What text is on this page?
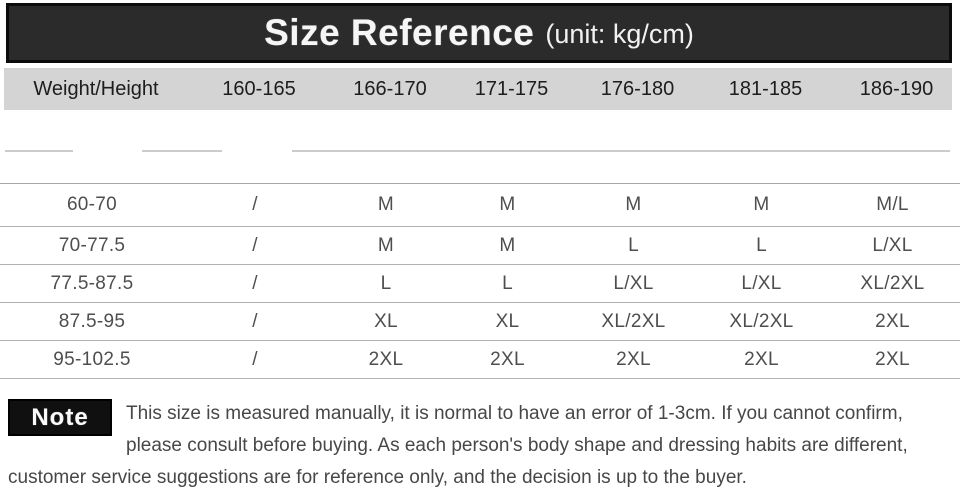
Size Reference (unit: kg/cm)
Weight/Height	160-165	166-170	171-175	176-180	181-185	186-190
60-70	/	M	M	M	M	M/L
70-77.5	/	M	M	L	L	L/XL
77.5-87.5	/	L	L	L/XL	L/XL	XL/2XL
87.5-95	/	XL	XL	XL/2XL	XL/2XL	2XL
95-102.5	/	2XL	2XL	2XL	2XL	2XL
Note	This size is measured manually, it is normal to have an error of 1-3cm. If you cannot confirm, please consult before buying. As each person's body shape and dressing habits are different, customer service suggestions are for reference only, and the decision is up to the buyer.
